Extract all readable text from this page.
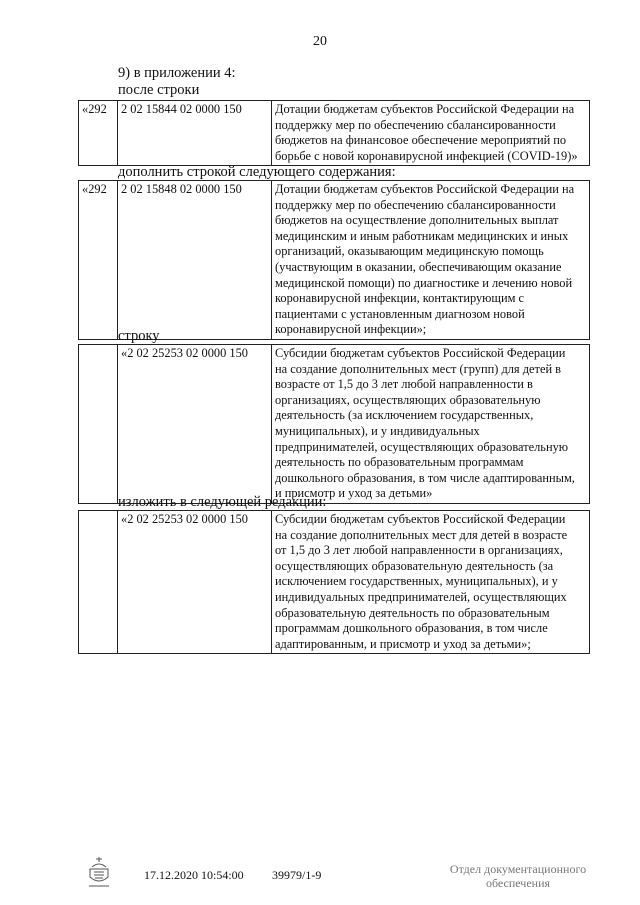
20
9) в приложении 4:
после строки
«292	2 02 15844 02 0000 150	Дотации бюджетам субъектов Российской Федерации на
поддержку мер по обеспечению сбалансированности
бюджетов на финансовое обеспечение мероприятий по
борьбе с новой коронавирусной инфекцией (COVID-19)»
дополнить строкой следующего содержания:
«292	2 02 15848 02 0000 150	Дотации бюджетам субъектов Российской Федерации на
поддержку мер по обеспечению сбалансированности
бюджетов на осуществление дополнительных выплат
медицинским и иным работникам медицинских и иных
организаций, оказывающим медицинскую помощь
(участвующим в оказании, обеспечивающим оказание
медицинской помощи) по диагностике и лечению новой
коронавирусной инфекции, контактирующим с
пациентами с установленным диагнозом новой
коронавирусной инфекции»;
строку
	«2 02 25253 02 0000 150	Субсидии бюджетам субъектов Российской Федерации
на создание дополнительных мест (групп) для детей в
возрасте от 1,5 до 3 лет любой направленности в
организациях, осуществляющих образовательную
деятельность (за исключением государственных,
муниципальных), и у индивидуальных
предпринимателей, осуществляющих образовательную
деятельность по образовательным программам
дошкольного образования, в том числе адаптированным,
и присмотр и уход за детьми»
изложить в следующей редакции:
	«2 02 25253 02 0000 150	Субсидии бюджетам субъектов Российской Федерации
на создание дополнительных мест для детей в возрасте
от 1,5 до 3 лет любой направленности в организациях,
осуществляющих образовательную деятельность (за
исключением государственных, муниципальных), и у
индивидуальных предпринимателей, осуществляющих
образовательную деятельность по образовательным
программам дошкольного образования, в том числе
адаптированным, и присмотр и уход за детьми»;
17.12.2020 10:54:00 39979/1-9	Отдел документационного
обеспечения
